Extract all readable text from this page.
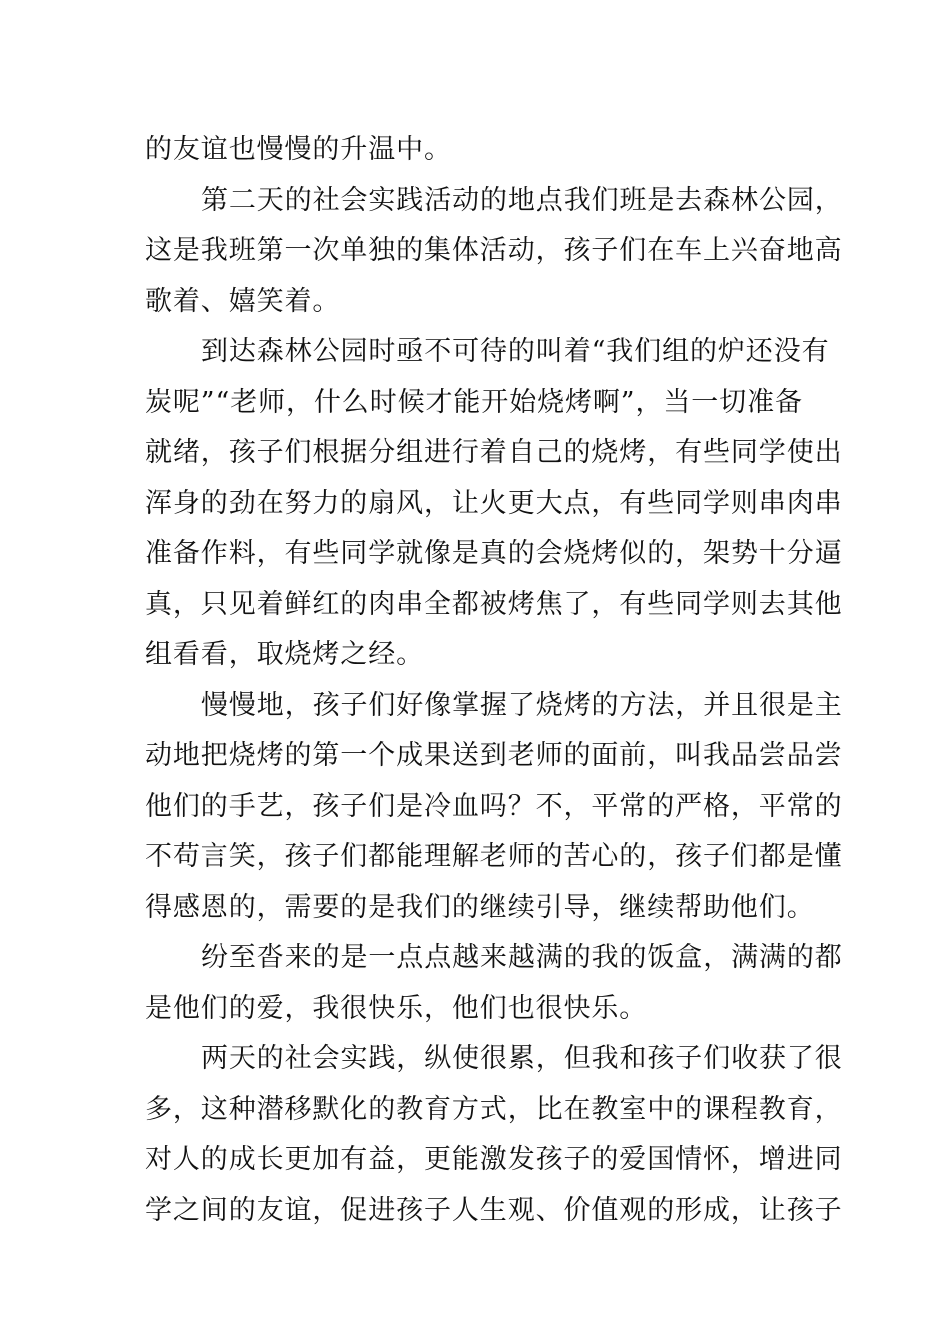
的友谊也慢慢的升温中。
第二天的社会实践活动的地点我们班是去森林公园，
这是我班第一次单独的集体活动，孩子们在车上兴奋地高
歌着、嬉笑着。
到达森林公园时亟不可待的叫着“我们组的炉还没有
炭呢”“老师，什么时候才能开始烧烤啊”，当一切准备
就绪，孩子们根据分组进行着自己的烧烤，有些同学使出
浑身的劲在努力的扇风，让火更大点，有些同学则串肉串
准备作料，有些同学就像是真的会烧烤似的，架势十分逼
真，只见着鲜红的肉串全都被烤焦了，有些同学则去其他
组看看，取烧烤之经。
慢慢地，孩子们好像掌握了烧烤的方法，并且很是主
动地把烧烤的第一个成果送到老师的面前，叫我品尝品尝
他们的手艺，孩子们是冷血吗？不，平常的严格，平常的
不苟言笑，孩子们都能理解老师的苦心的，孩子们都是懂
得感恩的，需要的是我们的继续引导，继续帮助他们。
纷至沓来的是一点点越来越满的我的饭盒，满满的都
是他们的爱，我很快乐，他们也很快乐。
两天的社会实践，纵使很累，但我和孩子们收获了很
多，这种潜移默化的教育方式，比在教室中的课程教育，
对人的成长更加有益，更能激发孩子的爱国情怀，增进同
学之间的友谊，促进孩子人生观、价值观的形成，让孩子
